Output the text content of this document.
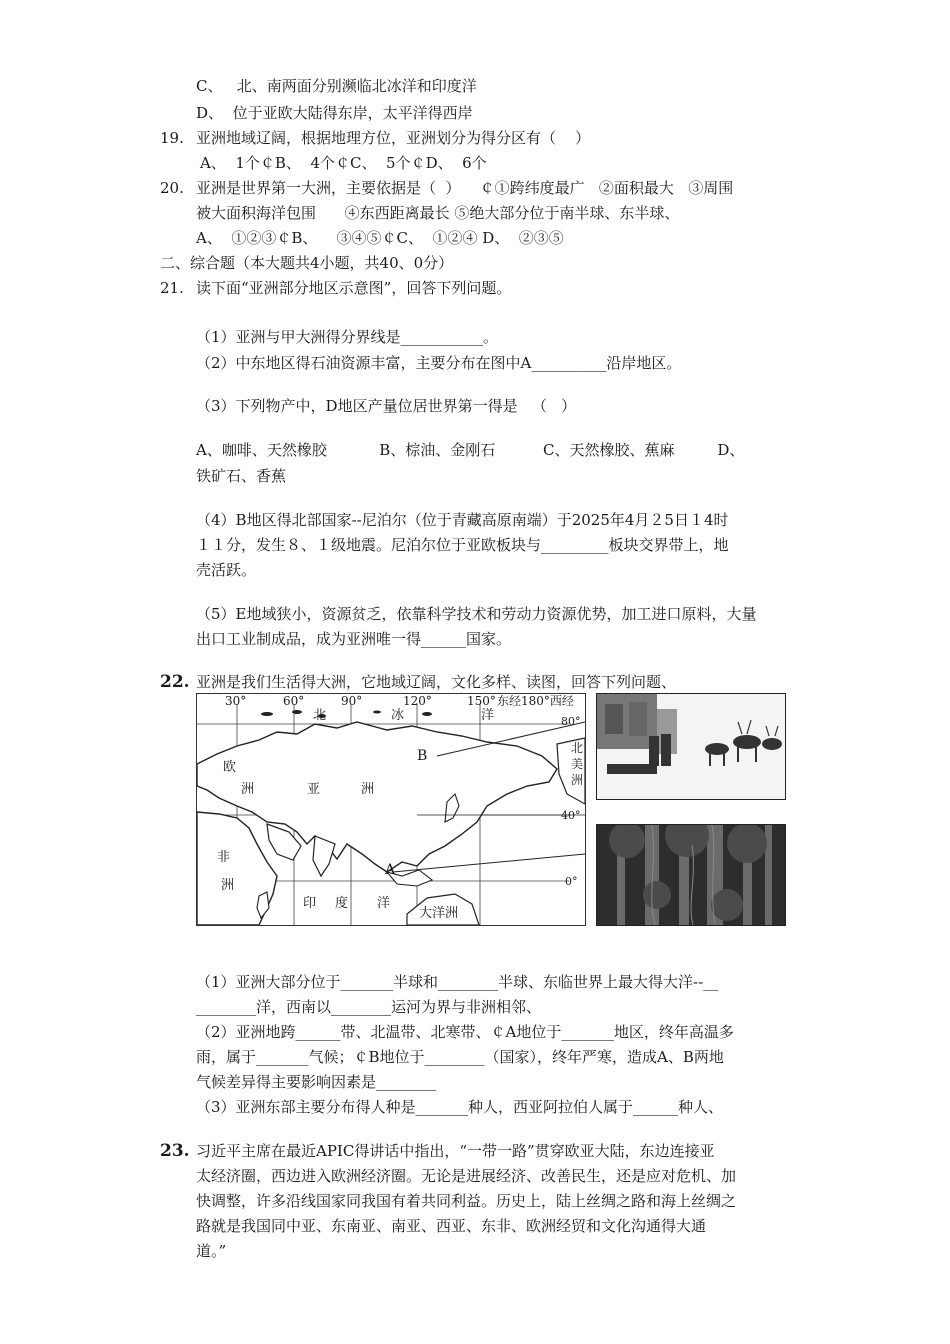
C、   北、南两面分别濒临北冰洋和印度洋
D、  位于亚欧大陆得东岸，太平洋得西岸
19. 亚洲地域辽阔，根据地理方位，亚洲划分为得分区有（    ）
A、  1个￠B、  4个￠C、  5个￠D、  6个
20. 亚洲是世界第一大洲，主要依据是（  ）    ￠①跨纬度最广   ②面积最大   ③周围
被大面积海洋包围      ④东西距离最长 ⑤绝大部分位于南半球、东半球、
A、  ①②③￠B、    ③④⑤￠C、  ①②④ D、  ②③⑤
二、综合题（本大题共4小题，共40、0分）
21. 读下面“亚洲部分地区示意图”，回答下列问题。
（1）亚洲与甲大洲得分界线是___________。
（2）中东地区得石油资源丰富，主要分布在图中A__________沿岸地区。
（3）下列物产中，D地区产量位居世界第一得是   （   ）
A、咖啡、天然橡胶           B、棕油、金刚石          C、天然橡胶、蕉麻         D、
铁矿石、香蕉
（4）B地区得北部国家--尼泊尔（位于青藏高原南端）于2025年4月２5日１4时
１１分，发生８、１级地震。尼泊尔位于亚欧板块与_________板块交界带上，地
壳活跃。
（5）E地域狭小，资源贫乏，依靠科学技术和劳动力资源优势，加工进口原料，大量
出口工业制成品，成为亚洲唯一得______国家。
22. 亚洲是我们生活得大洲，它地域辽阔，文化多样、读图，回答下列问题、
30°	60°	90°	120°	150° 东经180°西经
80°
40°
0°
北	冰	洋
欧
洲	亚	洲
非
洲
印 度 洋
大洋洲
北
美
洲
B
A
（1）亚洲大部分位于_______半球和________半球、东临世界上最大得大洋--__
________洋，西南以________运河为界与非洲相邻、
（2）亚洲地跨______带、北温带、北寒带、￠A地位于_______地区，终年高温多
雨，属于_______气候；￠B地位于________（国家），终年严寒，造成A、B两地
气候差异得主要影响因素是________
（3）亚洲东部主要分布得人种是_______种人，西亚阿拉伯人属于______种人、
23. 习近平主席在最近APIC得讲话中指出，“一带一路”贯穿欧亚大陆，东边连接亚
太经济圈，西边进入欧洲经济圈。无论是进展经济、改善民生，还是应对危机、加
快调整，许多沿线国家同我国有着共同利益。历史上，陆上丝绸之路和海上丝绸之
路就是我国同中亚、东南亚、南亚、西亚、东非、欧洲经贸和文化沟通得大通
道。”
